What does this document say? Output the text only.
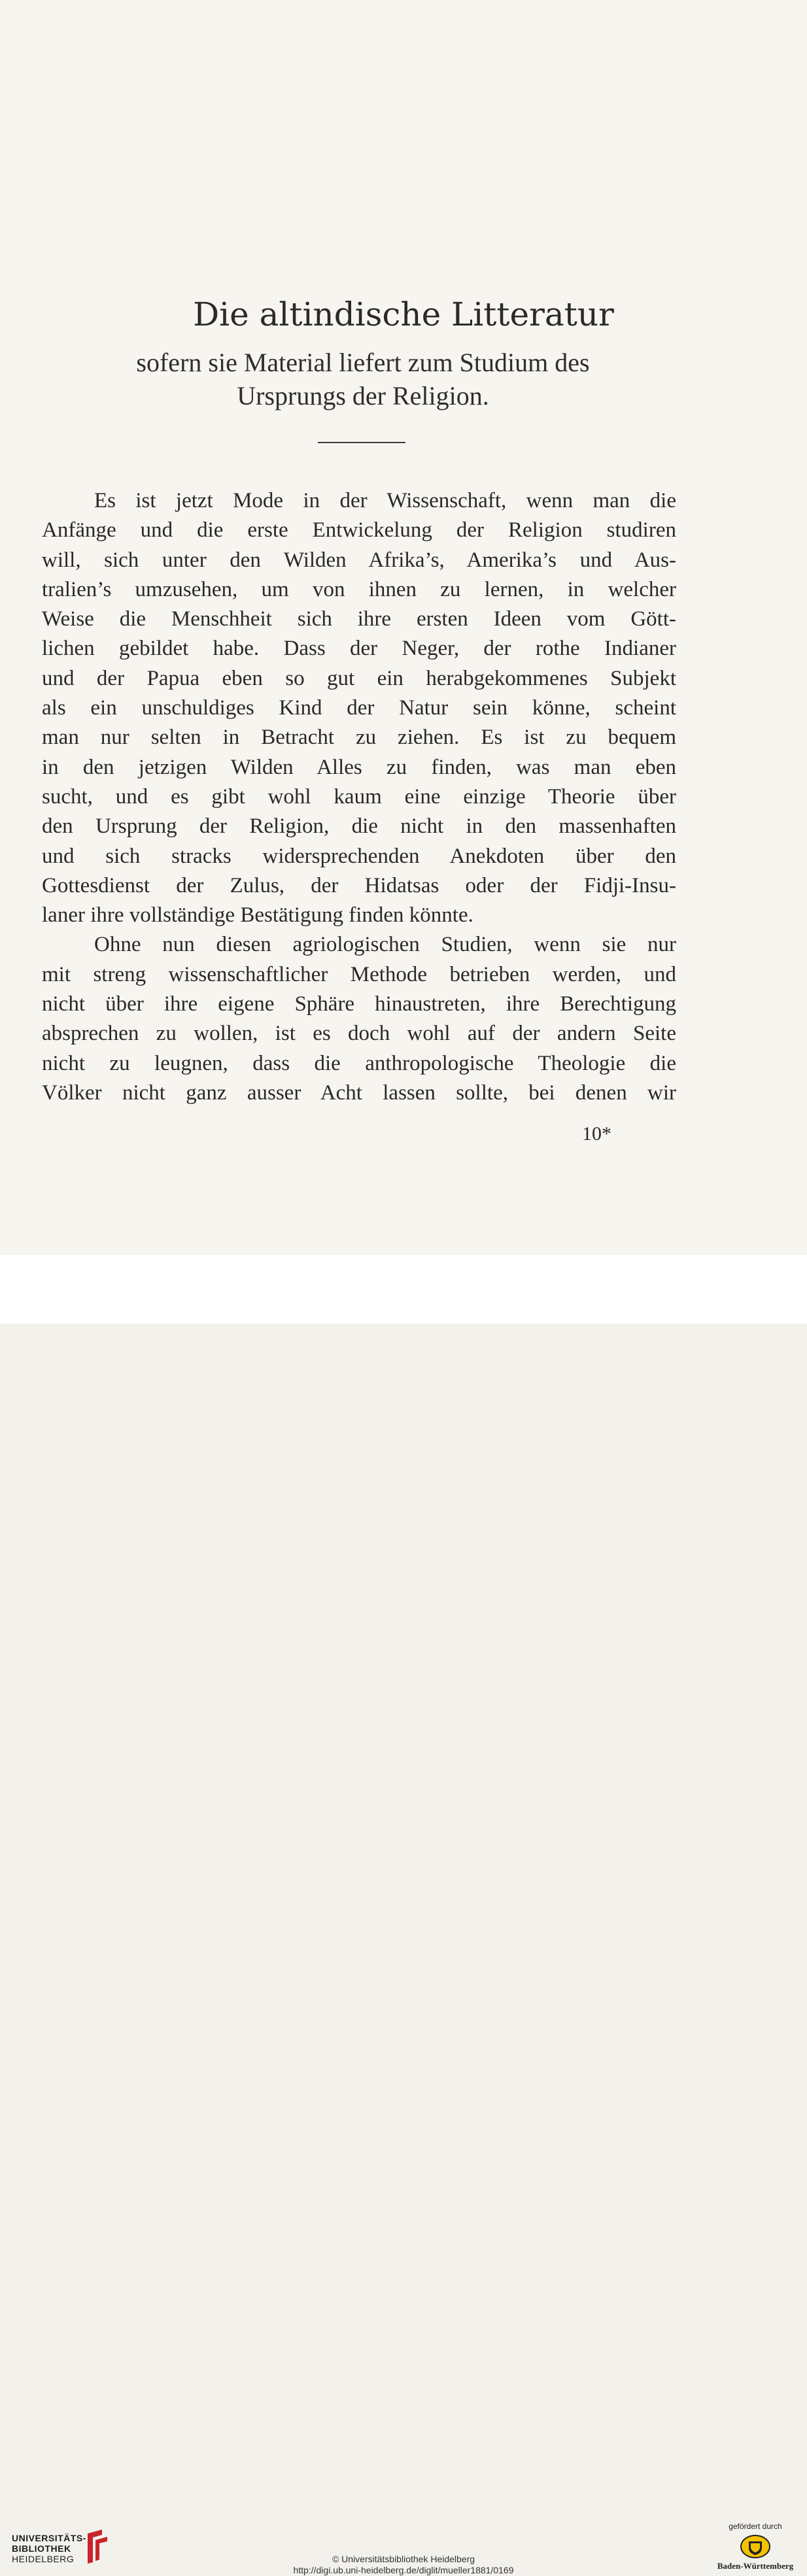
Die altindische Litteratur
sofern sie Material liefert zum Studium des
Ursprungs der Religion.
Es ist jetzt Mode in der Wissenschaft, wenn man die
Anfänge und die erste Entwickelung der Religion studiren
will, sich unter den Wilden Afrika’s, Amerika’s und Aus-
tralien’s umzusehen, um von ihnen zu lernen, in welcher
Weise die Menschheit sich ihre ersten Ideen vom Gött-
lichen gebildet habe. Dass der Neger, der rothe Indianer
und der Papua eben so gut ein herabgekommenes Subjekt
als ein unschuldiges Kind der Natur sein könne, scheint
man nur selten in Betracht zu ziehen. Es ist zu bequem
in den jetzigen Wilden Alles zu finden, was man eben
sucht, und es gibt wohl kaum eine einzige Theorie über
den Ursprung der Religion, die nicht in den massenhaften
und sich stracks widersprechenden Anekdoten über den
Gottesdienst der Zulus, der Hidatsas oder der Fidji-Insu-
laner ihre vollständige Bestätigung finden könnte.
Ohne nun diesen agriologischen Studien, wenn sie nur
mit streng wissenschaftlicher Methode betrieben werden, und
nicht über ihre eigene Sphäre hinaustreten, ihre Berechtigung
absprechen zu wollen, ist es doch wohl auf der andern Seite
nicht zu leugnen, dass die anthropologische Theologie die
Völker nicht ganz ausser Acht lassen sollte, bei denen wir
10*
UNIVERSITÄTS-
BIBLIOTHEK
HEIDELBERG	© Universitätsbibliothek Heidelberg
http://digi.ub.uni-heidelberg.de/diglit/mueller1881/0169
gefördert durch
Baden-Württemberg
